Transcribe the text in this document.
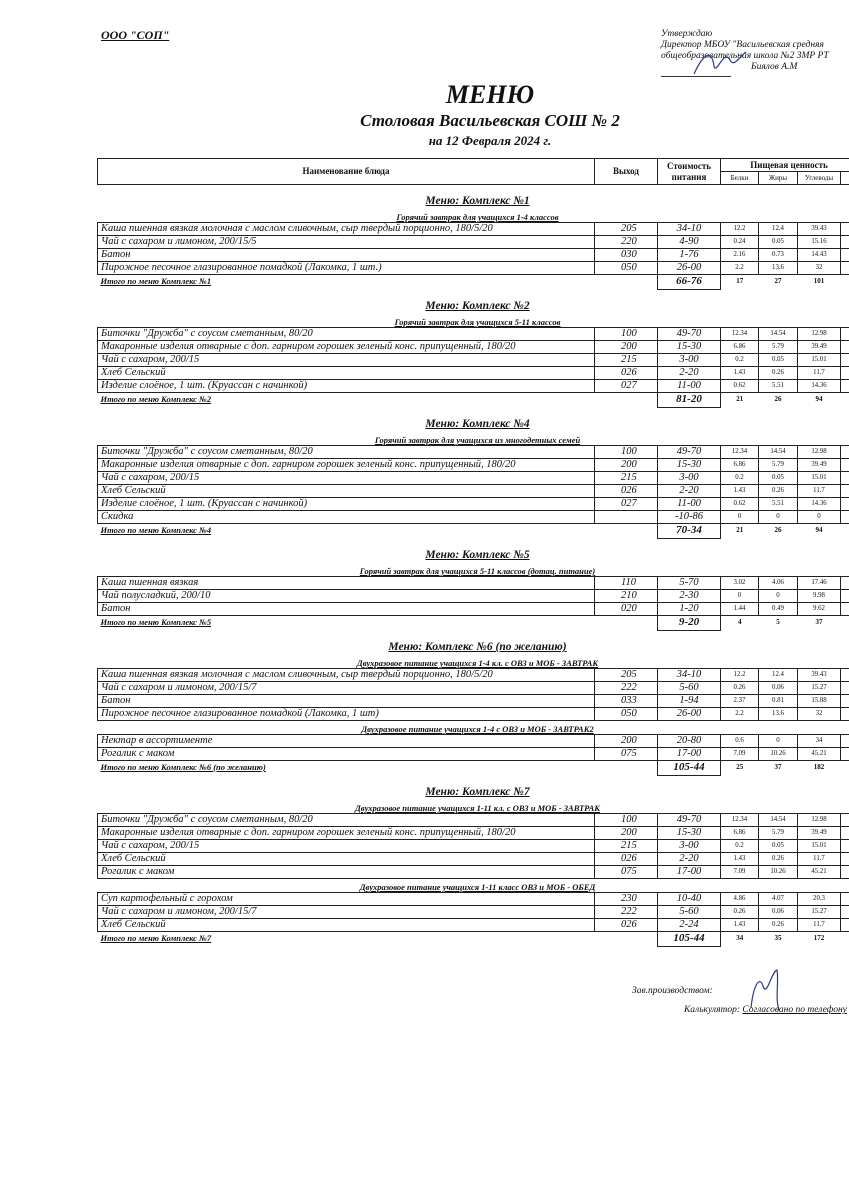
ООО "СОП"	Утверждаю
Директор МБОУ "Васильевская средняя
общеобразовательная школа №2 ЗМР РТ
Биялов А.М
МЕНЮ
Столовая Васильевская СОШ № 2
на 12 Февраля 2024 г.
Наименование блюда	Выход	Стоимость питания	Пищевая ценность			
			Белки	Жиры	Углеводы	
Меню: Комплекс №1						
Горячий завтрак для учащихся 1-4 классов						
Каша пшенная вязкая молочная с маслом сливочным, сыр твердый порционно, 180/5/20	205	34-10	12.2	12.4	39.43	
Чай с сахаром и лимоном, 200/15/5	220	4-90	0.24	0.05	15.16	
Батон	030	1-76	2.16	0.73	14.43	
Пирожное песочное глазированное помадкой (Лакомка, 1 шт.)	050	26-00	2.2	13.6	32	
Итого по меню Комплекс №1		66-76	17	27	101	
Меню: Комплекс №2						
Горячий завтрак для учащихся 5-11 классов						
Биточки "Дружба" с соусом сметанным, 80/20	100	49-70	12.34	14.54	12.98	
Макаронные изделия отварные с доп. гарниром горошек зеленый конс. припущенный, 180/20	200	15-30	6.86	5.79	39.49	
Чай с сахаром, 200/15	215	3-00	0.2	0.05	15.01	
Хлеб Сельский	026	2-20	1.43	0.26	11.7	
Изделие слоёное, 1 шт. (Круассан с начинкой)	027	11-00	0.62	5.51	14.36	
Итого по меню Комплекс №2		81-20	21	26	94	
Меню: Комплекс №4						
Горячий завтрак для учащихся из многодетных семей						
Биточки "Дружба" с соусом сметанным, 80/20	100	49-70	12.34	14.54	12.98	
Макаронные изделия отварные с доп. гарниром горошек зеленый конс. припущенный, 180/20	200	15-30	6.86	5.79	39.49	
Чай с сахаром, 200/15	215	3-00	0.2	0.05	15.01	
Хлеб Сельский	026	2-20	1.43	0.26	11.7	
Изделие слоёное, 1 шт. (Круассан с начинкой)	027	11-00	0.62	5.51	14.36	
Скидка		-10-86	0	0	0	
Итого по меню Комплекс №4		70-34	21	26	94	
Меню: Комплекс №5						
Горячий завтрак для учащихся 5-11 классов (дотац. питание)						
Каша пшенная вязкая	110	5-70	3.02	4.06	17.46	
Чай полусладкий, 200/10	210	2-30	0	0	9.98	
Батон	020	1-20	1.44	0.49	9.62	
Итого по меню Комплекс №5		9-20	4	5	37	
Меню: Комплекс №6 (по желанию)						
Двухразовое питание учащихся 1-4 кл. с ОВЗ и МОБ - ЗАВТРАК						
Каша пшенная вязкая молочная с маслом сливочным, сыр твердый порционно, 180/5/20	205	34-10	12.2	12.4	39.43	
Чай с сахаром и лимоном, 200/15/7	222	5-60	0.26	0.06	15.27	
Батон	033	1-94	2.37	0.81	15.88	
Пирожное песочное глазированное помадкой (Лакомка, 1 шт)	050	26-00	2.2	13.6	32	
Двухразовое питание учащихся 1-4 с ОВЗ и МОБ - ЗАВТРАК2						
Нектар в ассортименте	200	20-80	0.6	0	34	
Рогалик с маком	075	17-00	7.09	10.26	45.21	
Итого по меню Комплекс №6 (по желанию)		105-44	25	37	182	
Меню: Комплекс №7						
Двухразовое питание учащихся 1-11 кл. с ОВЗ и МОБ - ЗАВТРАК						
Биточки "Дружба" с соусом сметанным, 80/20	100	49-70	12.34	14.54	12.98	
Макаронные изделия отварные с доп. гарниром горошек зеленый конс. припущенный, 180/20	200	15-30	6.86	5.79	39.49	
Чай с сахаром, 200/15	215	3-00	0.2	0.05	15.01	
Хлеб Сельский	026	2-20	1.43	0.26	11.7	
Рогалик с маком	075	17-00	7.09	10.26	45.21	
Двухразовое питание учащихся 1-11 класс ОВЗ и МОБ - ОБЕД						
Суп картофельный с горохом	230	10-40	4.86	4.07	20.3	
Чай с сахаром и лимоном, 200/15/7	222	5-60	0.26	0.06	15.27	
Хлеб Сельский	026	2-24	1.43	0.26	11.7	
Итого по меню Комплекс №7		105-44	34	35	172	
Зав.производством:
Калькулятор: Согласовано по телефону
